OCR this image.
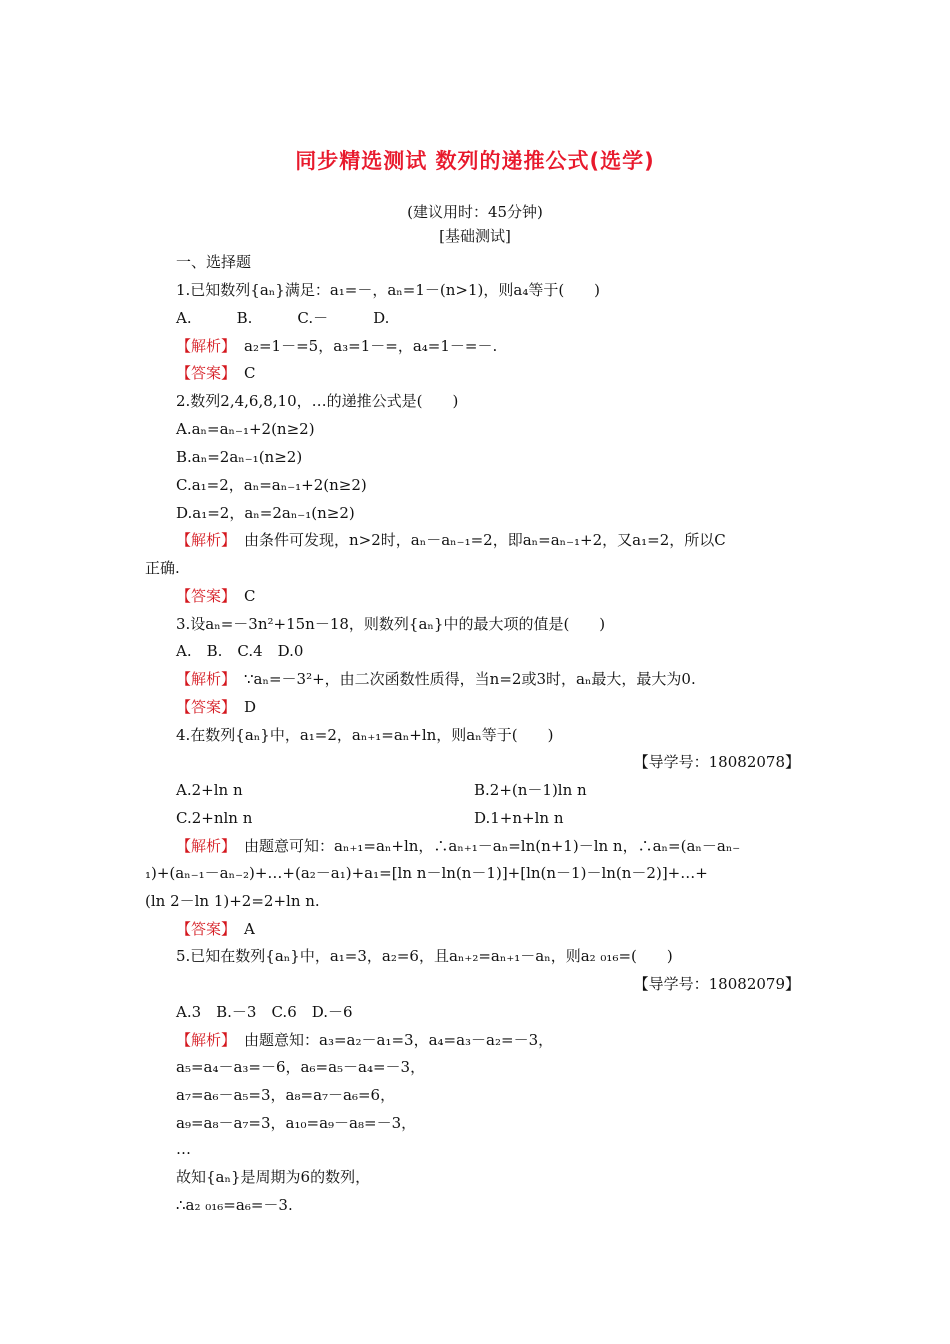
同步精选测试 数列的递推公式(选学)
(建议用时：45分钟)
[基础测试]
一、选择题
1.已知数列{aₙ}满足：a₁=－，aₙ=1－(n>1)，则a₄等于(　　)
A.　　　B.　　　C.－　　　D.
【解析】 a₂=1－=5，a₃=1－=，a₄=1－=－.
【答案】 C
2.数列2,4,6,8,10，…的递推公式是(　　)
A.aₙ=aₙ₋₁+2(n≥2)
B.aₙ=2aₙ₋₁(n≥2)
C.a₁=2，aₙ=aₙ₋₁+2(n≥2)
D.a₁=2，aₙ=2aₙ₋₁(n≥2)
【解析】 由条件可发现，n>2时，aₙ－aₙ₋₁=2，即aₙ=aₙ₋₁+2，又a₁=2，所以C
正确.
【答案】 C
3.设aₙ=－3n²+15n－18，则数列{aₙ}中的最大项的值是(　　)
A.　B.　C.4　D.0
【解析】 ∵aₙ=－3²+，由二次函数性质得，当n=2或3时，aₙ最大，最大为0.
【答案】 D
4.在数列{aₙ}中，a₁=2，aₙ₊₁=aₙ+ln，则aₙ等于(　　)
【导学号：18082078】
A.2+ln n	B.2+(n－1)ln n
C.2+nln n	D.1+n+ln n
【解析】 由题意可知：aₙ₊₁=aₙ+ln，∴aₙ₊₁－aₙ=ln(n+1)－ln n，∴aₙ=(aₙ－aₙ₋
₁)+(aₙ₋₁－aₙ₋₂)+…+(a₂－a₁)+a₁=[ln n－ln(n－1)]+[ln(n－1)－ln(n－2)]+…+
(ln 2－ln 1)+2=2+ln n.
【答案】 A
5.已知在数列{aₙ}中，a₁=3，a₂=6，且aₙ₊₂=aₙ₊₁－aₙ，则a₂ ₀₁₆=(　　)
【导学号：18082079】
A.3　B.－3　C.6　D.－6
【解析】 由题意知：a₃=a₂－a₁=3，a₄=a₃－a₂=－3，
a₅=a₄－a₃=－6，a₆=a₅－a₄=－3，
a₇=a₆－a₅=3，a₈=a₇－a₆=6，
a₉=a₈－a₇=3，a₁₀=a₉－a₈=－3，
…
故知{aₙ}是周期为6的数列，
∴a₂ ₀₁₆=a₆=－3.
